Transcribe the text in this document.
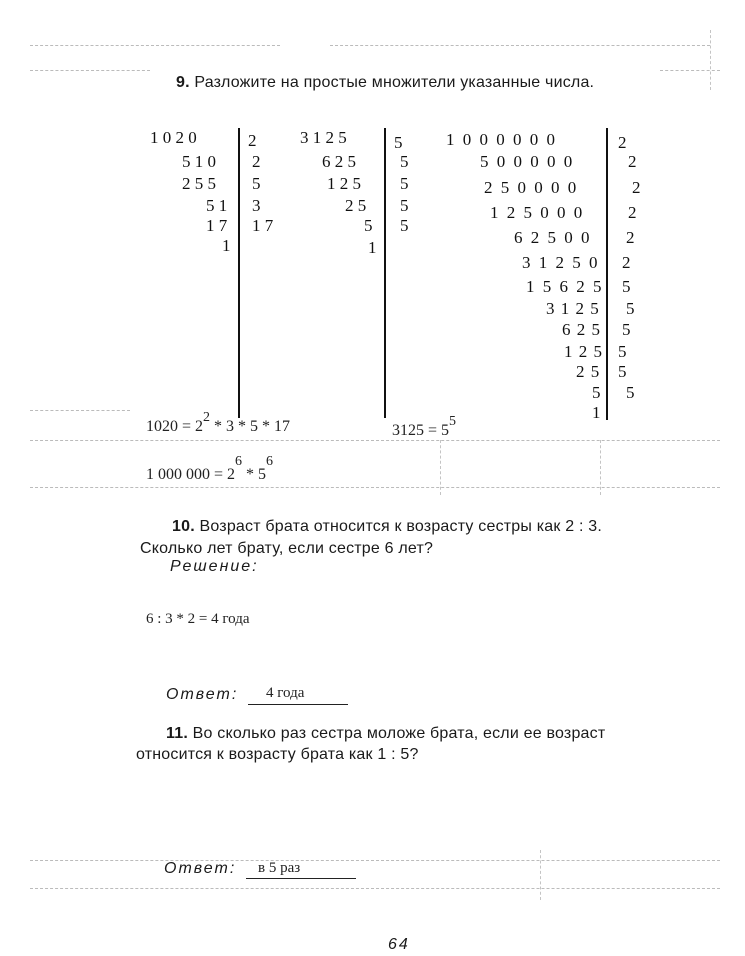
9. Разложите на простые множители указанные числа.
1 0 2 0
5 1 0
2 5 5
5 1
1 7
1
2
2
5
3
1 7
3 1 2 5
6 2 5
1 2 5
2 5
5
1
5
5
5
5
5
1 0 0 0 0 0 0
5 0 0 0 0 0
2 5 0 0 0 0
1 2 5 0 0 0
6 2 5 0 0
3 1 2 5 0
1 5 6 2 5
3 1 2 5
6 2 5
1 2 5
2 5
5
1
2
2
2
2
2
2
5
5
5
5
5
5
1020 = 22 * 3 * 5 * 17	3125 = 55
1 000 000 = 26 * 56
10. Возраст брата относится к возрасту сестры как 2 : 3.
Сколько лет брату, если сестре 6 лет?
Решение:
6 : 3 * 2 = 4 года
Ответ: 4 года
11. Во сколько раз сестра моложе брата, если ее возраст
относится к возрасту брата как 1 : 5?
Ответ: в 5 раз
64
